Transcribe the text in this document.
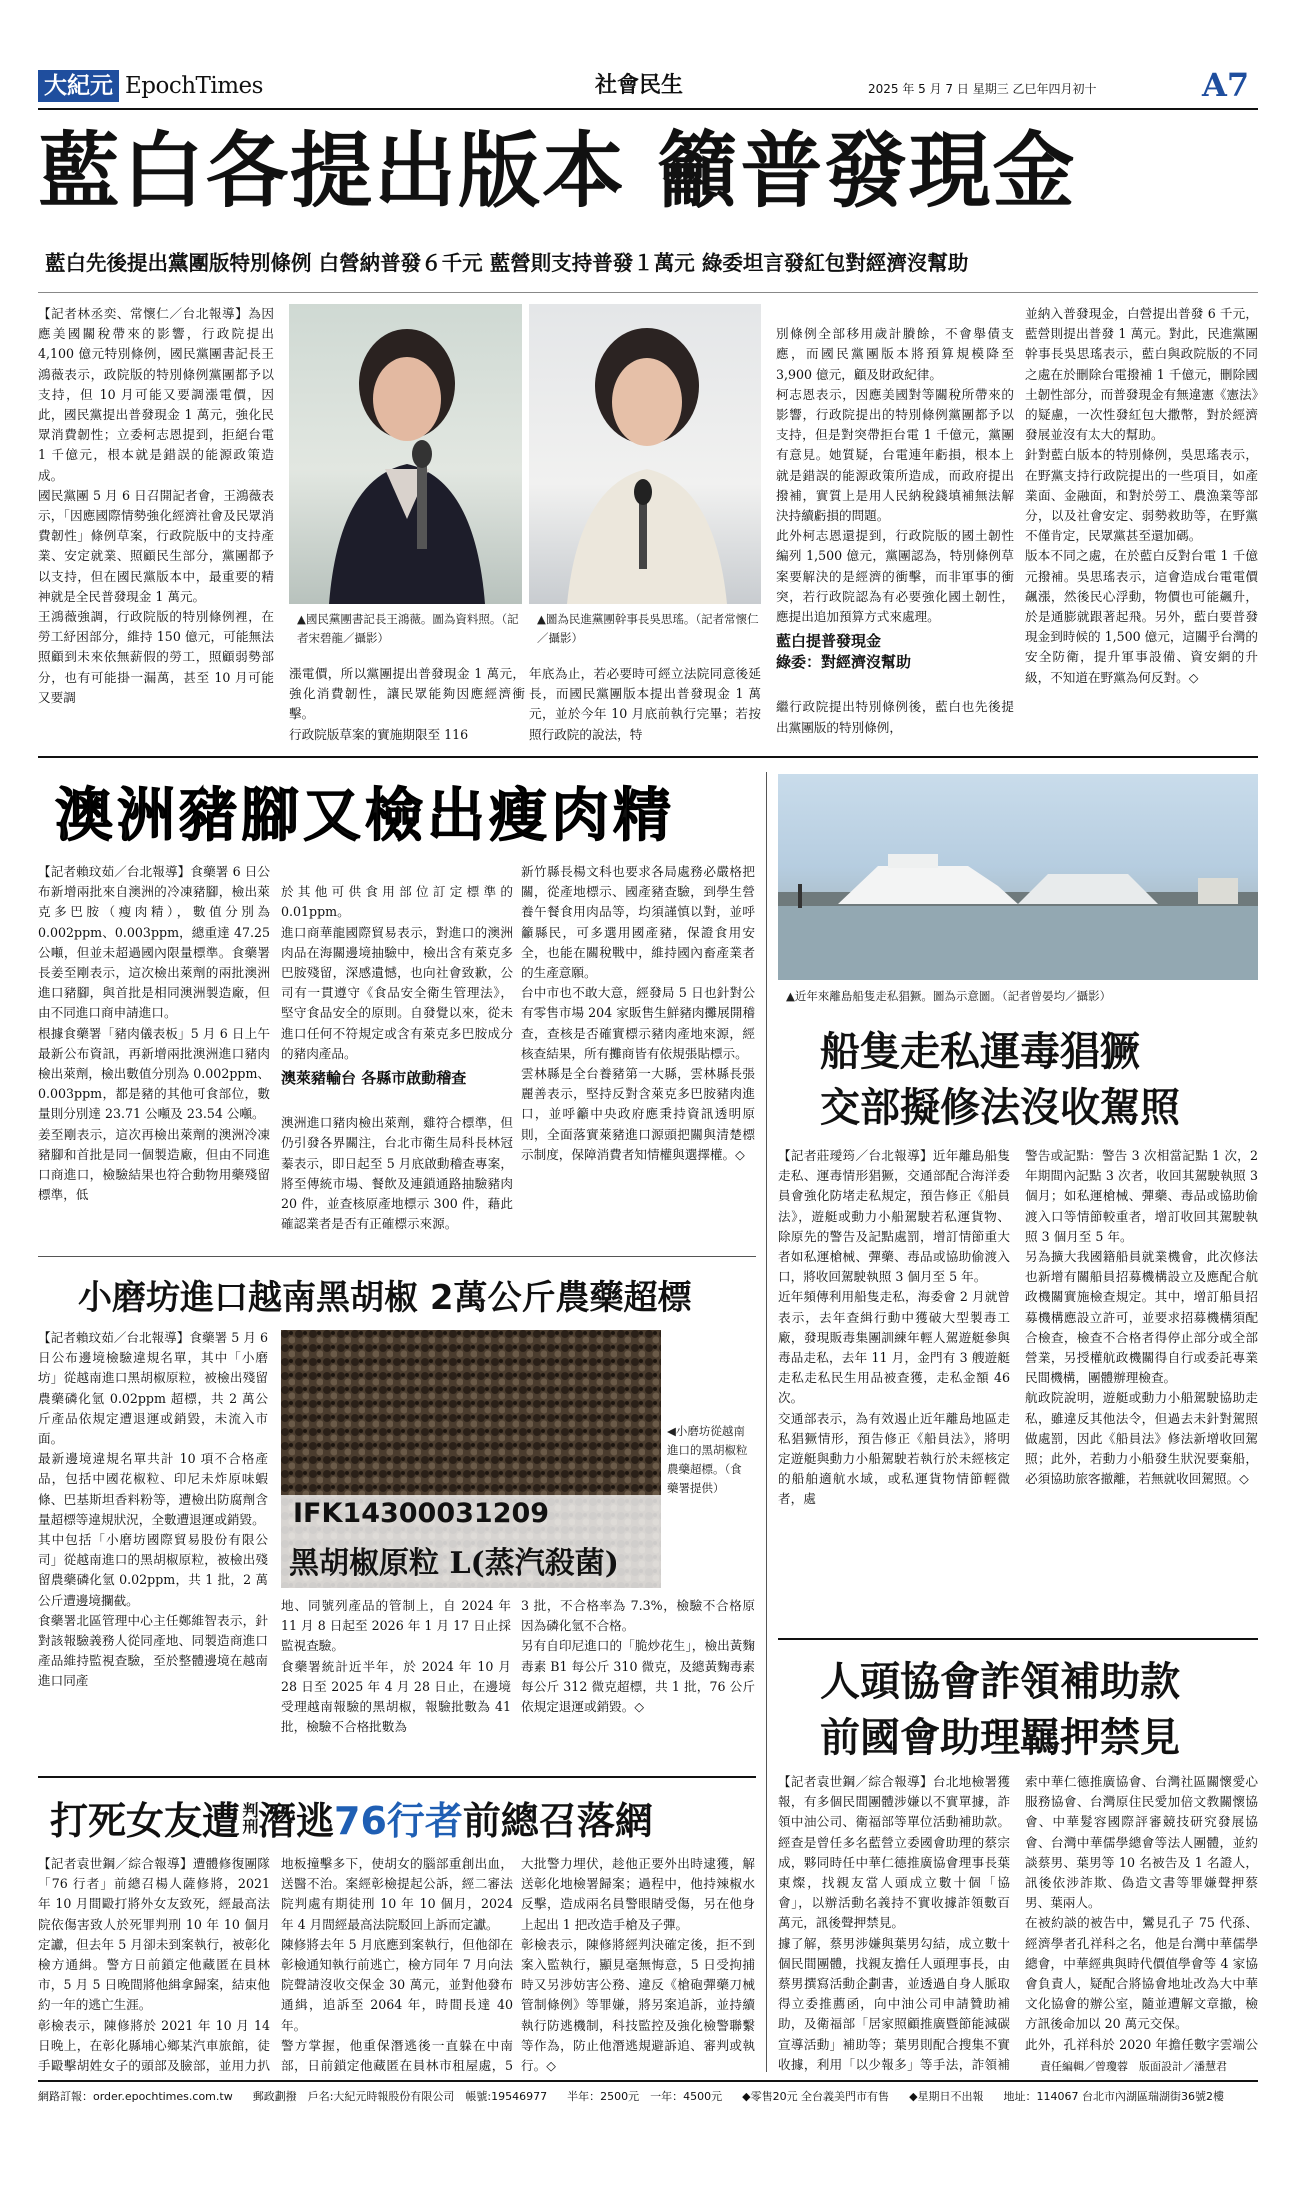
大紀元 EpochTimes	社會民生	2025 年 5 月 7 日 星期三 乙巳年四月初十	A7
藍白各提出版本 籲普發現金
藍白先後提出黨團版特別條例 白營納普發６千元 藍營則支持普發１萬元 綠委坦言發紅包對經濟沒幫助
【記者林丞奕、常懷仁／台北報導】為因應美國關稅帶來的影響，行政院提出 4,100 億元特別條例，國民黨團書記長王鴻薇表示，政院版的特別條例黨團都予以支持，但 10 月可能又要調漲電價，因此，國民黨提出普發現金 1 萬元，強化民眾消費韌性；立委柯志恩提到，拒絕台電 1 千億元，根本就是錯誤的能源政策造成。
國民黨團 5 月 6 日召開記者會，王鴻薇表示，「因應國際情勢強化經濟社會及民眾消費韌性」條例草案，行政院版中的支持產業、安定就業、照顧民生部分，黨團都予以支持，但在國民黨版本中，最重要的精神就是全民普發現金 1 萬元。
王鴻薇強調，行政院版的特別條例裡，在勞工紓困部分，維持 150 億元，可能無法照顧到未來依無薪假的勞工，照顧弱勢部分，也有可能掛一漏萬，甚至 10 月可能又要調
▲國民黨團書記長王鴻薇。圖為資料照。（記者宋碧龍／攝影）
▲圖為民進黨團幹事長吳思瑤。（記者常懷仁／攝影）
漲電價，所以黨團提出普發現金 1 萬元，強化消費韌性，讓民眾能夠因應經濟衝擊。
行政院版草案的實施期限至 116
年底為止，若必要時可經立法院同意後延長，而國民黨團版本提出普發現金 1 萬元，並於今年 10 月底前執行完畢；若按照行政院的說法，特

別條例全部移用歲計賸餘，不會舉債支應，而國民黨團版本將預算規模降至 3,900 億元，顧及財政紀律。
柯志恩表示，因應美國對等關稅所帶來的影響，行政院提出的特別條例黨團都予以支持，但是對突帶拒台電 1 千億元，黨團有意見。她質疑，台電連年虧損，根本上就是錯誤的能源政策所造成，而政府提出撥補，實質上是用人民納稅錢填補無法解決持續虧損的問題。
此外柯志恩還提到，行政院版的國土韌性編列 1,500 億元，黨團認為，特別條例草案要解決的是經濟的衝擊，而非軍事的衝突，若行政院認為有必要強化國土韌性，應提出追加預算方式來處理。

藍白提普發現金
綠委：對經濟沒幫助

繼行政院提出特別條例後，藍白也先後提出黨團版的特別條例，

並納入普發現金，白營提出普發 6 千元，藍營則提出普發 1 萬元。對此，民進黨團幹事長吳思瑤表示，藍白與政院版的不同之處在於刪除台電撥補 1 千億元，刪除國土韌性部分，而普發現金有無違憲《憲法》的疑慮，一次性發紅包大撒幣，對於經濟發展並沒有太大的幫助。
針對藍白版本的特別條例，吳思瑤表示，在野黨支持行政院提出的一些項目，如產業面、金融面，和對於勞工、農漁業等部分，以及社會安定、弱勢救助等，在野黨不僅肯定，民眾黨甚至還加碼。
版本不同之處，在於藍白反對台電 1 千億元撥補。吳思瑤表示，這會造成台電電價飆漲，然後民心浮動，物價也可能飆升，於是通膨就跟著起飛。另外，藍白要普發現金到時候的 1,500 億元，這關乎台灣的安全防衛，提升軍事設備、資安網的升級，不知道在野黨為何反對。◇
澳洲豬腳又檢出瘦肉精
【記者賴玟茹／台北報導】食藥署 6 日公布新增兩批來自澳洲的冷凍豬腳，檢出萊克多巴胺（瘦肉精），數值分別為 0.002ppm、0.003ppm，總重達 47.25 公噸，但並未超過國內限量標準。食藥署長姜至剛表示，這次檢出萊劑的兩批澳洲進口豬腳，與首批是相同澳洲製造廠，但由不同進口商申請進口。
根據食藥署「豬肉儀表板」5 月 6 日上午最新公布資訊，再新增兩批澳洲進口豬肉檢出萊劑，檢出數值分別為 0.002ppm、0.003ppm，都是豬的其他可食部位，數量則分別達 23.71 公噸及 23.54 公噸。
姜至剛表示，這次再檢出萊劑的澳洲冷凍豬腳和首批是同一個製造廠，但由不同進口商進口，檢驗結果也符合動物用藥殘留標準，低

於其他可供食用部位訂定標準的 0.01ppm。
進口商華龍國際貿易表示，對進口的澳洲肉品在海關邊境抽驗中，檢出含有萊克多巴胺殘留，深感遺憾，也向社會致歉，公司有一貫遵守《食品安全衛生管理法》，堅守食品安全的原則。自發覺以來，從未進口任何不符規定或含有萊克多巴胺成分的豬肉產品。

澳萊豬輸台 各縣市啟動稽查

澳洲進口豬肉檢出萊劑，雞符合標準，但仍引發各界關注，台北市衛生局科長林冠蓁表示，即日起至 5 月底啟動稽查專案，將至傳統市場、餐飲及連鎖通路抽驗豬肉 20 件，並查核原產地標示 300 件，藉此確認業者是否有正確標示來源。

新竹縣長楊文科也要求各局處務必嚴格把關，從產地標示、國產豬查驗，到學生營養午餐食用肉品等，均須謹慎以對，並呼籲縣民，可多選用國產豬，保證食用安全，也能在關稅戰中，維持國內畜產業者的生產意願。
台中市也不敢大意，經發局 5 日也針對公有零售市場 204 家販售生鮮豬肉攤展開稽查，查核是否確實標示豬肉產地來源，經核查結果，所有攤商皆有依規張貼標示。
雲林縣是全台養豬第一大縣，雲林縣長張麗善表示，堅持反對含萊克多巴胺豬肉進口，並呼籲中央政府應秉持資訊透明原則，全面落實萊豬進口源頭把關與清楚標示制度，保障消費者知情權與選擇權。◇
小磨坊進口越南黑胡椒 2萬公斤農藥超標
【記者賴玟茹／台北報導】食藥署 5 月 6 日公布邊境檢驗違規名單，其中「小磨坊」從越南進口黑胡椒原粒，被檢出殘留農藥磷化氫 0.02ppm 超標，共 2 萬公斤產品依規定遭退運或銷毀，未流入市面。
最新邊境違規名單共計 10 項不合格產品，包括中國花椒粒、印尼未炸原味蝦條、巴基斯坦香料粉等，遭檢出防腐劑含量超標等違規狀況，全數遭退運或銷毀。
其中包括「小磨坊國際貿易股份有限公司」從越南進口的黑胡椒原粒，被檢出殘留農藥磷化氫 0.02ppm，共 1 批，2 萬公斤遭邊境攔截。
食藥署北區管理中心主任鄭維智表示，針對該報驗義務人從同產地、同製造商進口產品維持監視查驗，至於整體邊境在越南進口同產
IFK14300031209
黑胡椒原粒 L(蒸汽殺菌)
◀小磨坊從越南進口的黑胡椒粒農藥超標。（食藥署提供）
地、同號列產品的管制上，自 2024 年 11 月 8 日起至 2026 年 1 月 17 日止採監視查驗。
食藥署統計近半年，於 2024 年 10 月 28 日至 2025 年 4 月 28 日止，在邊境受理越南報驗的黑胡椒，報驗批數為 41 批，檢驗不合格批數為
3 批，不合格率為 7.3%，檢驗不合格原因為磷化氫不合格。
另有自印尼進口的「脆炒花生」，檢出黃麴毒素 B1 每公斤 310 微克，及總黃麴毒素每公斤 312 微克超標，共 1 批，76 公斤依規定退運或銷毀。◇
打死女友遭 判刑 潛逃 76行者 前總召落網
【記者袁世鋼／綜合報導】遭體修復團隊「76 行者」前總召楊人薩修將，2021 年 10 月間毆打將外女友致死，經最高法院依傷害致人於死罪判刑 10 年 10 個月定讞，但去年 5 月卻未到案執行，被彰化檢方通緝。警方日前鎖定他藏匿在員林市，5 月 5 日晚間將他緝拿歸案，結束他約一年的逃亡生涯。
彰檢表示，陳修將於 2021 年 10 月 14 日晚上，在彰化縣埔心鄉某汽車旅館，徒手毆擊胡姓女子的頭部及臉部，並用力扒
地板撞擊多下，使胡女的腦部重創出血，送醫不治。案經彰檢提起公訴，經二審法院判處有期徒刑 10 年 10 個月，2024 年 4 月間經最高法院駁回上訴而定讞。
陳修將去年 5 月底應到案執行，但他卻在彰檢通知執行前逃亡，檢方同年 7 月向法院聲請沒收交保金 30 萬元，並對他發布通緝，追訴至 2064 年，時間長達 40 年。
警方掌握，他重保潛逃後一直躲在中南部，日前鎖定他藏匿在員林市租屋處，5
大批警力埋伏，趁他正要外出時逮獲，解送彰化地檢署歸案；過程中，他持辣椒水反擊，造成兩名員警眼睛受傷，另在他身上起出 1 把改造手槍及子彈。
彰檢表示，陳修將經判決確定後，拒不到案入監執行，顯見毫無悔意，5 日受拘捕時又另涉妨害公務、違反《槍砲彈藥刀械管制條例》等罪嫌，將另案追訴，並持續執行防逃機制，科技監控及強化檢警聯繫等作為，防止他潛逃規避訴追、審判或執行。◇
▲近年來離島船隻走私猖獗。圖為示意圖。（記者曾晏均／攝影）
船隻走私運毒猖獗
交部擬修法沒收駕照
【記者莊璦筠／台北報導】近年離島船隻走私、運毒情形猖獗，交通部配合海洋委員會強化防堵走私規定，預告修正《船員法》，遊艇或動力小船駕駛若私運貨物、除原先的警告及記點處罰，增訂情節重大者如私運槍械、彈藥、毒品或協助偷渡入口，將收回駕駛執照 3 個月至 5 年。
近年頻傳利用船隻走私，海委會 2 月就曾表示，去年查緝行動中獲破大型製毒工廠，發現販毒集團訓練年輕人駕遊艇參與毒品走私，去年 11 月，金門有 3 艘遊艇走私走私民生用品被查獲，走私金額 46 次。
交通部表示，為有效遏止近年離島地區走私猖獗情形，預告修正《船員法》，將明定遊艇與動力小船駕駛若執行於未經核定的船舶適航水域，或私運貨物情節輕微者，處
警告或記點：警告 3 次相當記點 1 次，2 年期間內記點 3 次者，收回其駕駛執照 3 個月；如私運槍械、彈藥、毒品或協助偷渡入口等情節較重者，增訂收回其駕駛執照 3 個月至 5 年。
另為擴大我國籍船員就業機會，此次修法也新增有關船員招募機構設立及應配合航政機關實施檢查規定。其中，增訂船員招募機構應設立許可，並要求招募機構須配合檢查，檢查不合格者得停止部分或全部營業，另授權航政機關得自行或委託專業民間機構，團體辦理檢查。
航政院說明，遊艇或動力小船駕駛協助走私，雖違反其他法令，但過去未針對駕照做處罰，因此《船員法》修法新增收回駕照；此外，若動力小船發生狀況要棄船，必須協助旅客撤離，若無就收回駕照。◇
人頭協會詐領補助款
前國會助理羈押禁見
【記者袁世鋼／綜合報導】台北地檢署獲報，有多個民間團體涉嫌以不實單據，詐領中油公司、衛福部等單位活動補助款。經查是曾任多名藍營立委國會助理的蔡宗成，夥同時任中華仁德推廣協會理事長葉東燦，找親友當人頭成立數十個「協會」，以辦活動名義持不實收據詐領數百萬元，訊後聲押禁見。
據了解，蔡男涉嫌與葉男勾結，成立數十個民間團體，找親友擔任人頭理事長，由蔡男撰寫活動企劃書，並透過自身人脈取得立委推薦函，向中油公司申請贊助補助，及衛福部「居家照顧推廣暨節能減碳宣導活動」補助等；葉男則配合搜集不實收據，利用「以少報多」等手法，詐領補

索中華仁德推廣協會、台灣社區關懷愛心服務協會、台灣原住民愛加倍文教關懷協會、中華髮容國際評審競技研究發展協會、台灣中華儒學總會等法人團體，並約談蔡男、葉男等 10 名被告及 1 名證人，訊後依涉詐欺、偽造文書等罪嫌聲押蔡男、葉兩人。
在被約談的被告中，鸞見孔子 75 代孫、經濟學者孔祥科之名，他是台灣中華儒學總會，中華經典與時代價值學會等 4 家協會負責人，疑配合將協會地址改為大中華文化協會的辦公室，隨並遭解文章撤，檢方訊後命加以 20 萬元交保。
此外，孔祥科於 2020 年擔任數字雲端公
責任編輯／曾瓊蓉　版面設計／潘慧君
網路訂報：order.epochtimes.com.tw 郵政劃撥　戶名:大紀元時報股份有限公司　帳號:19546977 半年：2500元　一年：4500元 ◆零售20元 全台義美門市有售 ◆星期日不出報 地址：114067 台北市內湖區瑞湖街36號2樓
